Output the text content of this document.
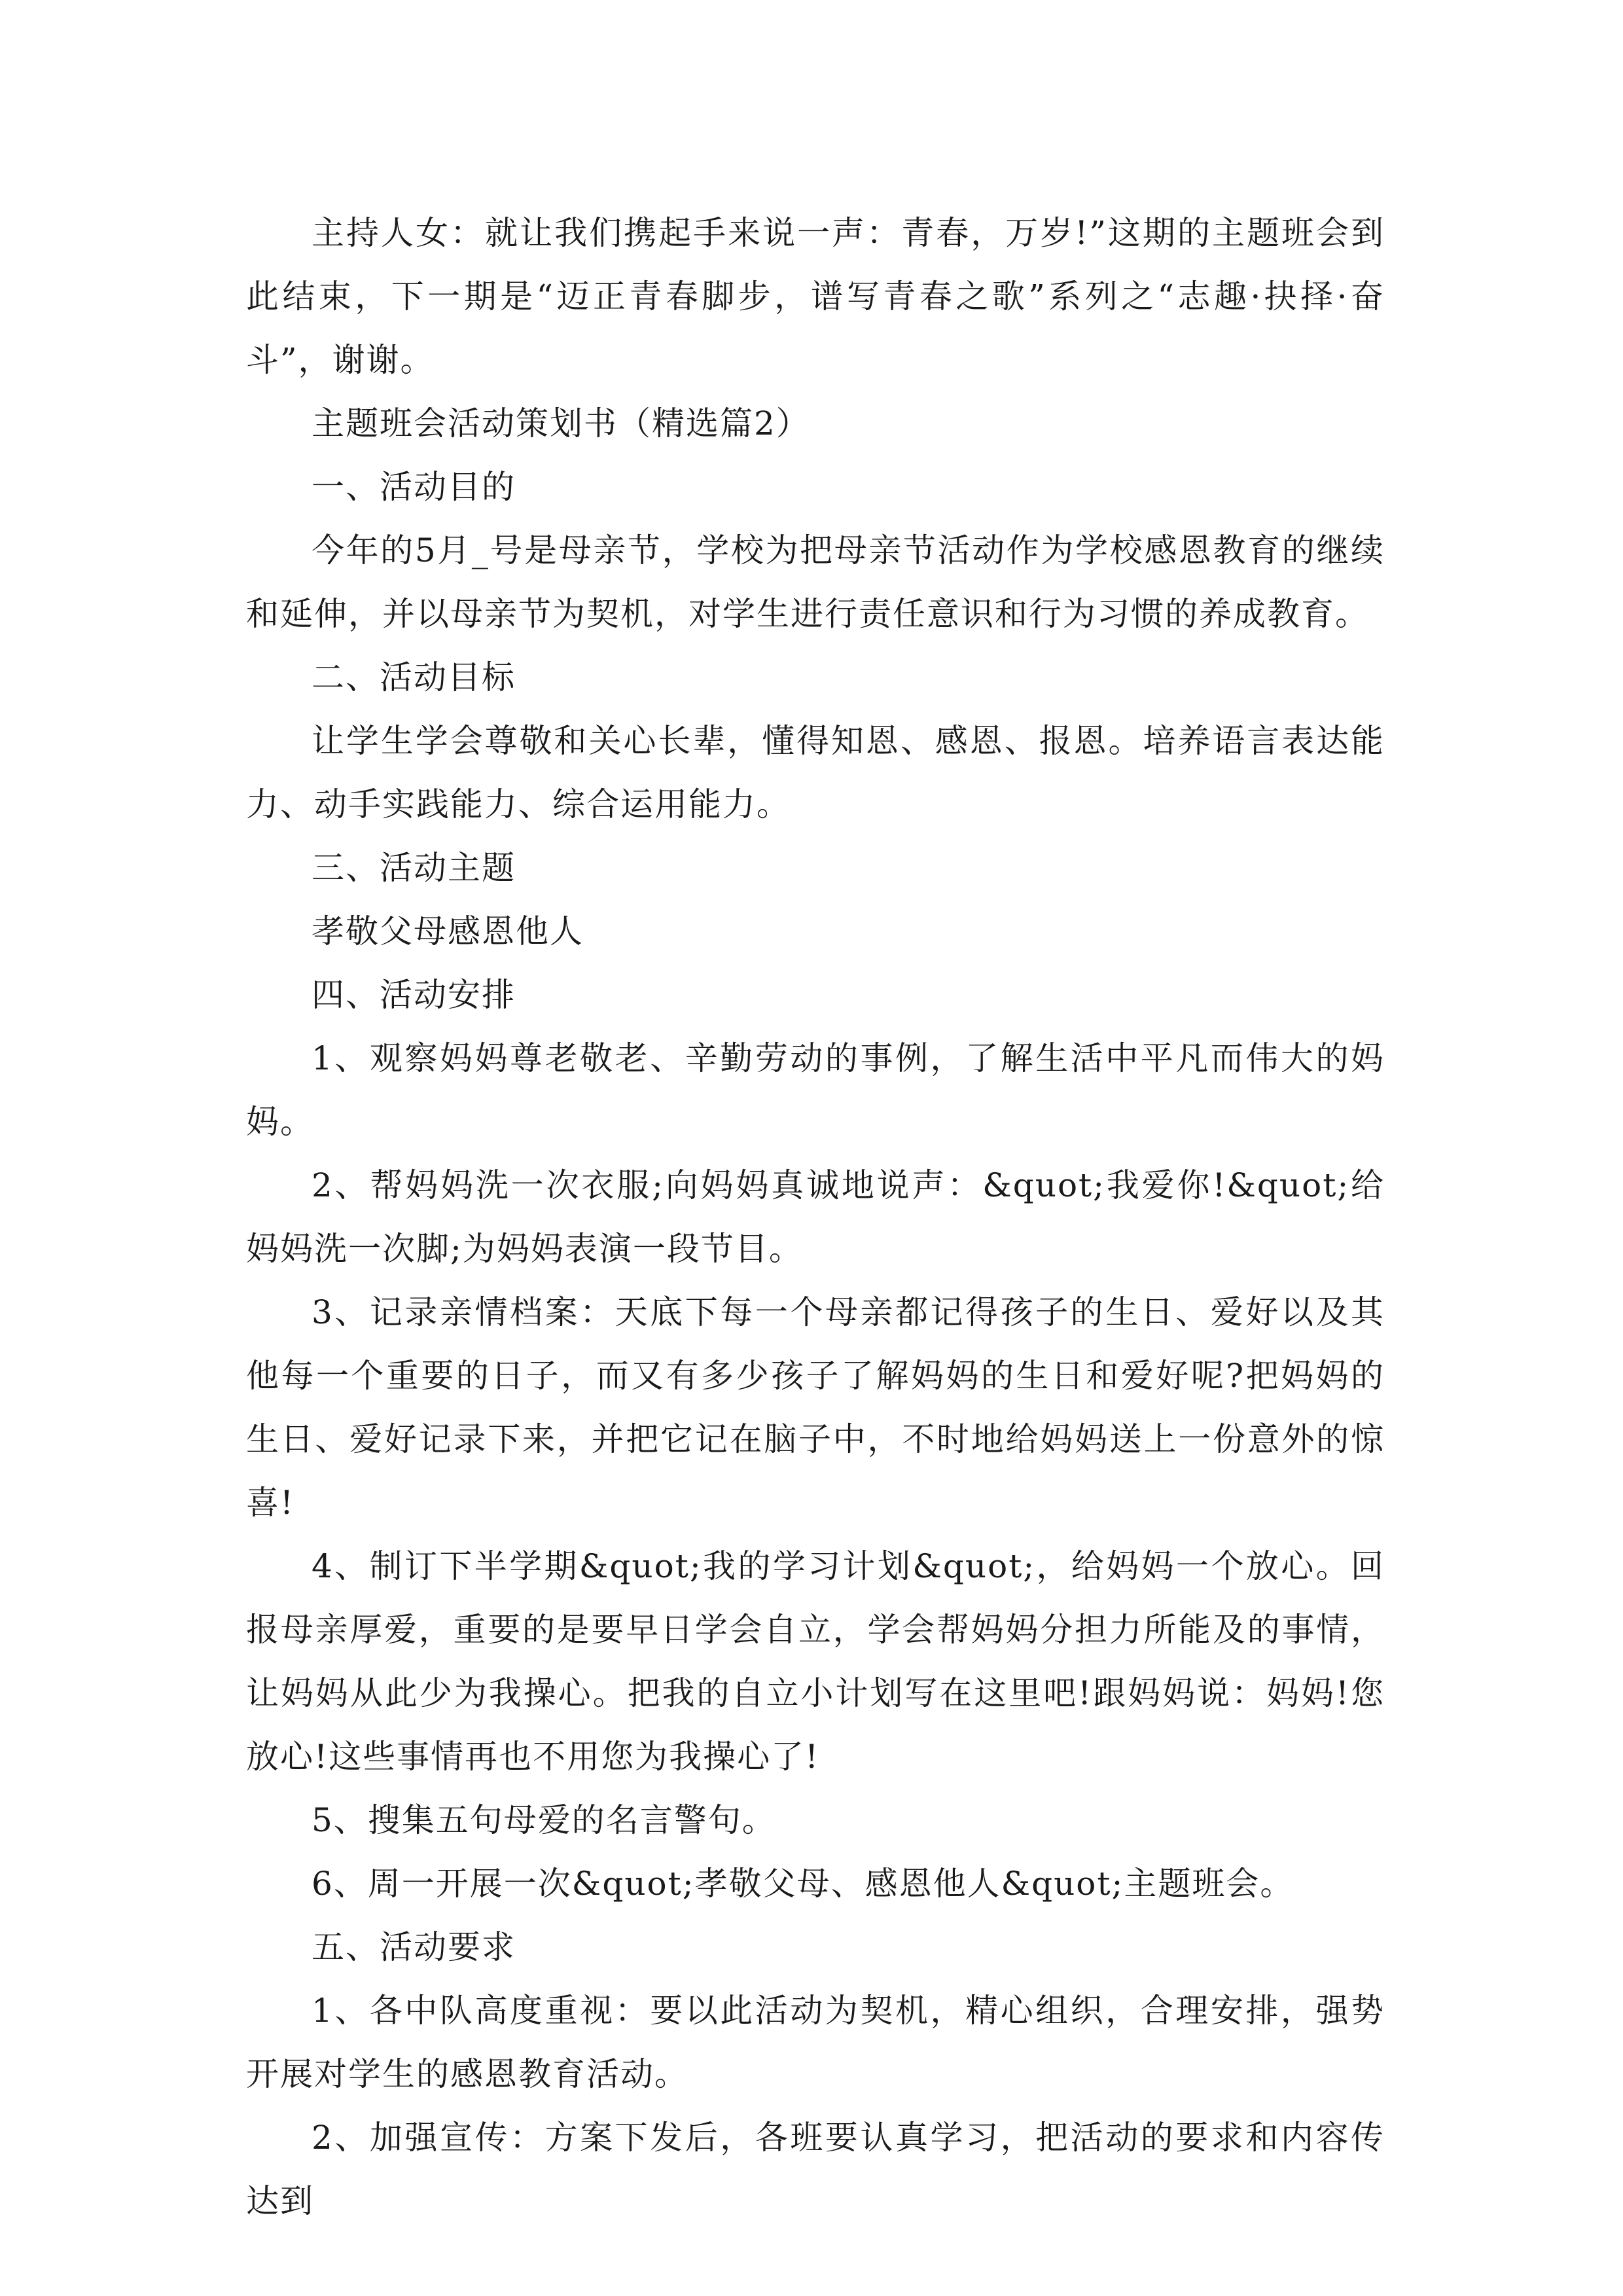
主持人女：就让我们携起手来说一声：青春，万岁!”这期的主题班会到此结束，下一期是“迈正青春脚步，谱写青春之歌”系列之“志趣·抉择·奋斗”，谢谢。

主题班会活动策划书（精选篇2）

一、活动目的

今年的5月_号是母亲节，学校为把母亲节活动作为学校感恩教育的继续和延伸，并以母亲节为契机，对学生进行责任意识和行为习惯的养成教育。

二、活动目标

让学生学会尊敬和关心长辈，懂得知恩、感恩、报恩。培养语言表达能力、动手实践能力、综合运用能力。

三、活动主题

孝敬父母感恩他人

四、活动安排

1、观察妈妈尊老敬老、辛勤劳动的事例，了解生活中平凡而伟大的妈妈。

2、帮妈妈洗一次衣服;向妈妈真诚地说声：&quot;我爱你!&quot;给妈妈洗一次脚;为妈妈表演一段节目。

3、记录亲情档案：天底下每一个母亲都记得孩子的生日、爱好以及其他每一个重要的日子，而又有多少孩子了解妈妈的生日和爱好呢?把妈妈的生日、爱好记录下来，并把它记在脑子中，不时地给妈妈送上一份意外的惊喜!

4、制订下半学期&quot;我的学习计划&quot;，给妈妈一个放心。回报母亲厚爱，重要的是要早日学会自立，学会帮妈妈分担力所能及的事情，让妈妈从此少为我操心。把我的自立小计划写在这里吧!跟妈妈说：妈妈!您放心!这些事情再也不用您为我操心了!

5、搜集五句母爱的名言警句。

6、周一开展一次&quot;孝敬父母、感恩他人&quot;主题班会。

五、活动要求

1、各中队高度重视：要以此活动为契机，精心组织，合理安排，强势开展对学生的感恩教育活动。

2、加强宣传：方案下发后，各班要认真学习，把活动的要求和内容传达到
